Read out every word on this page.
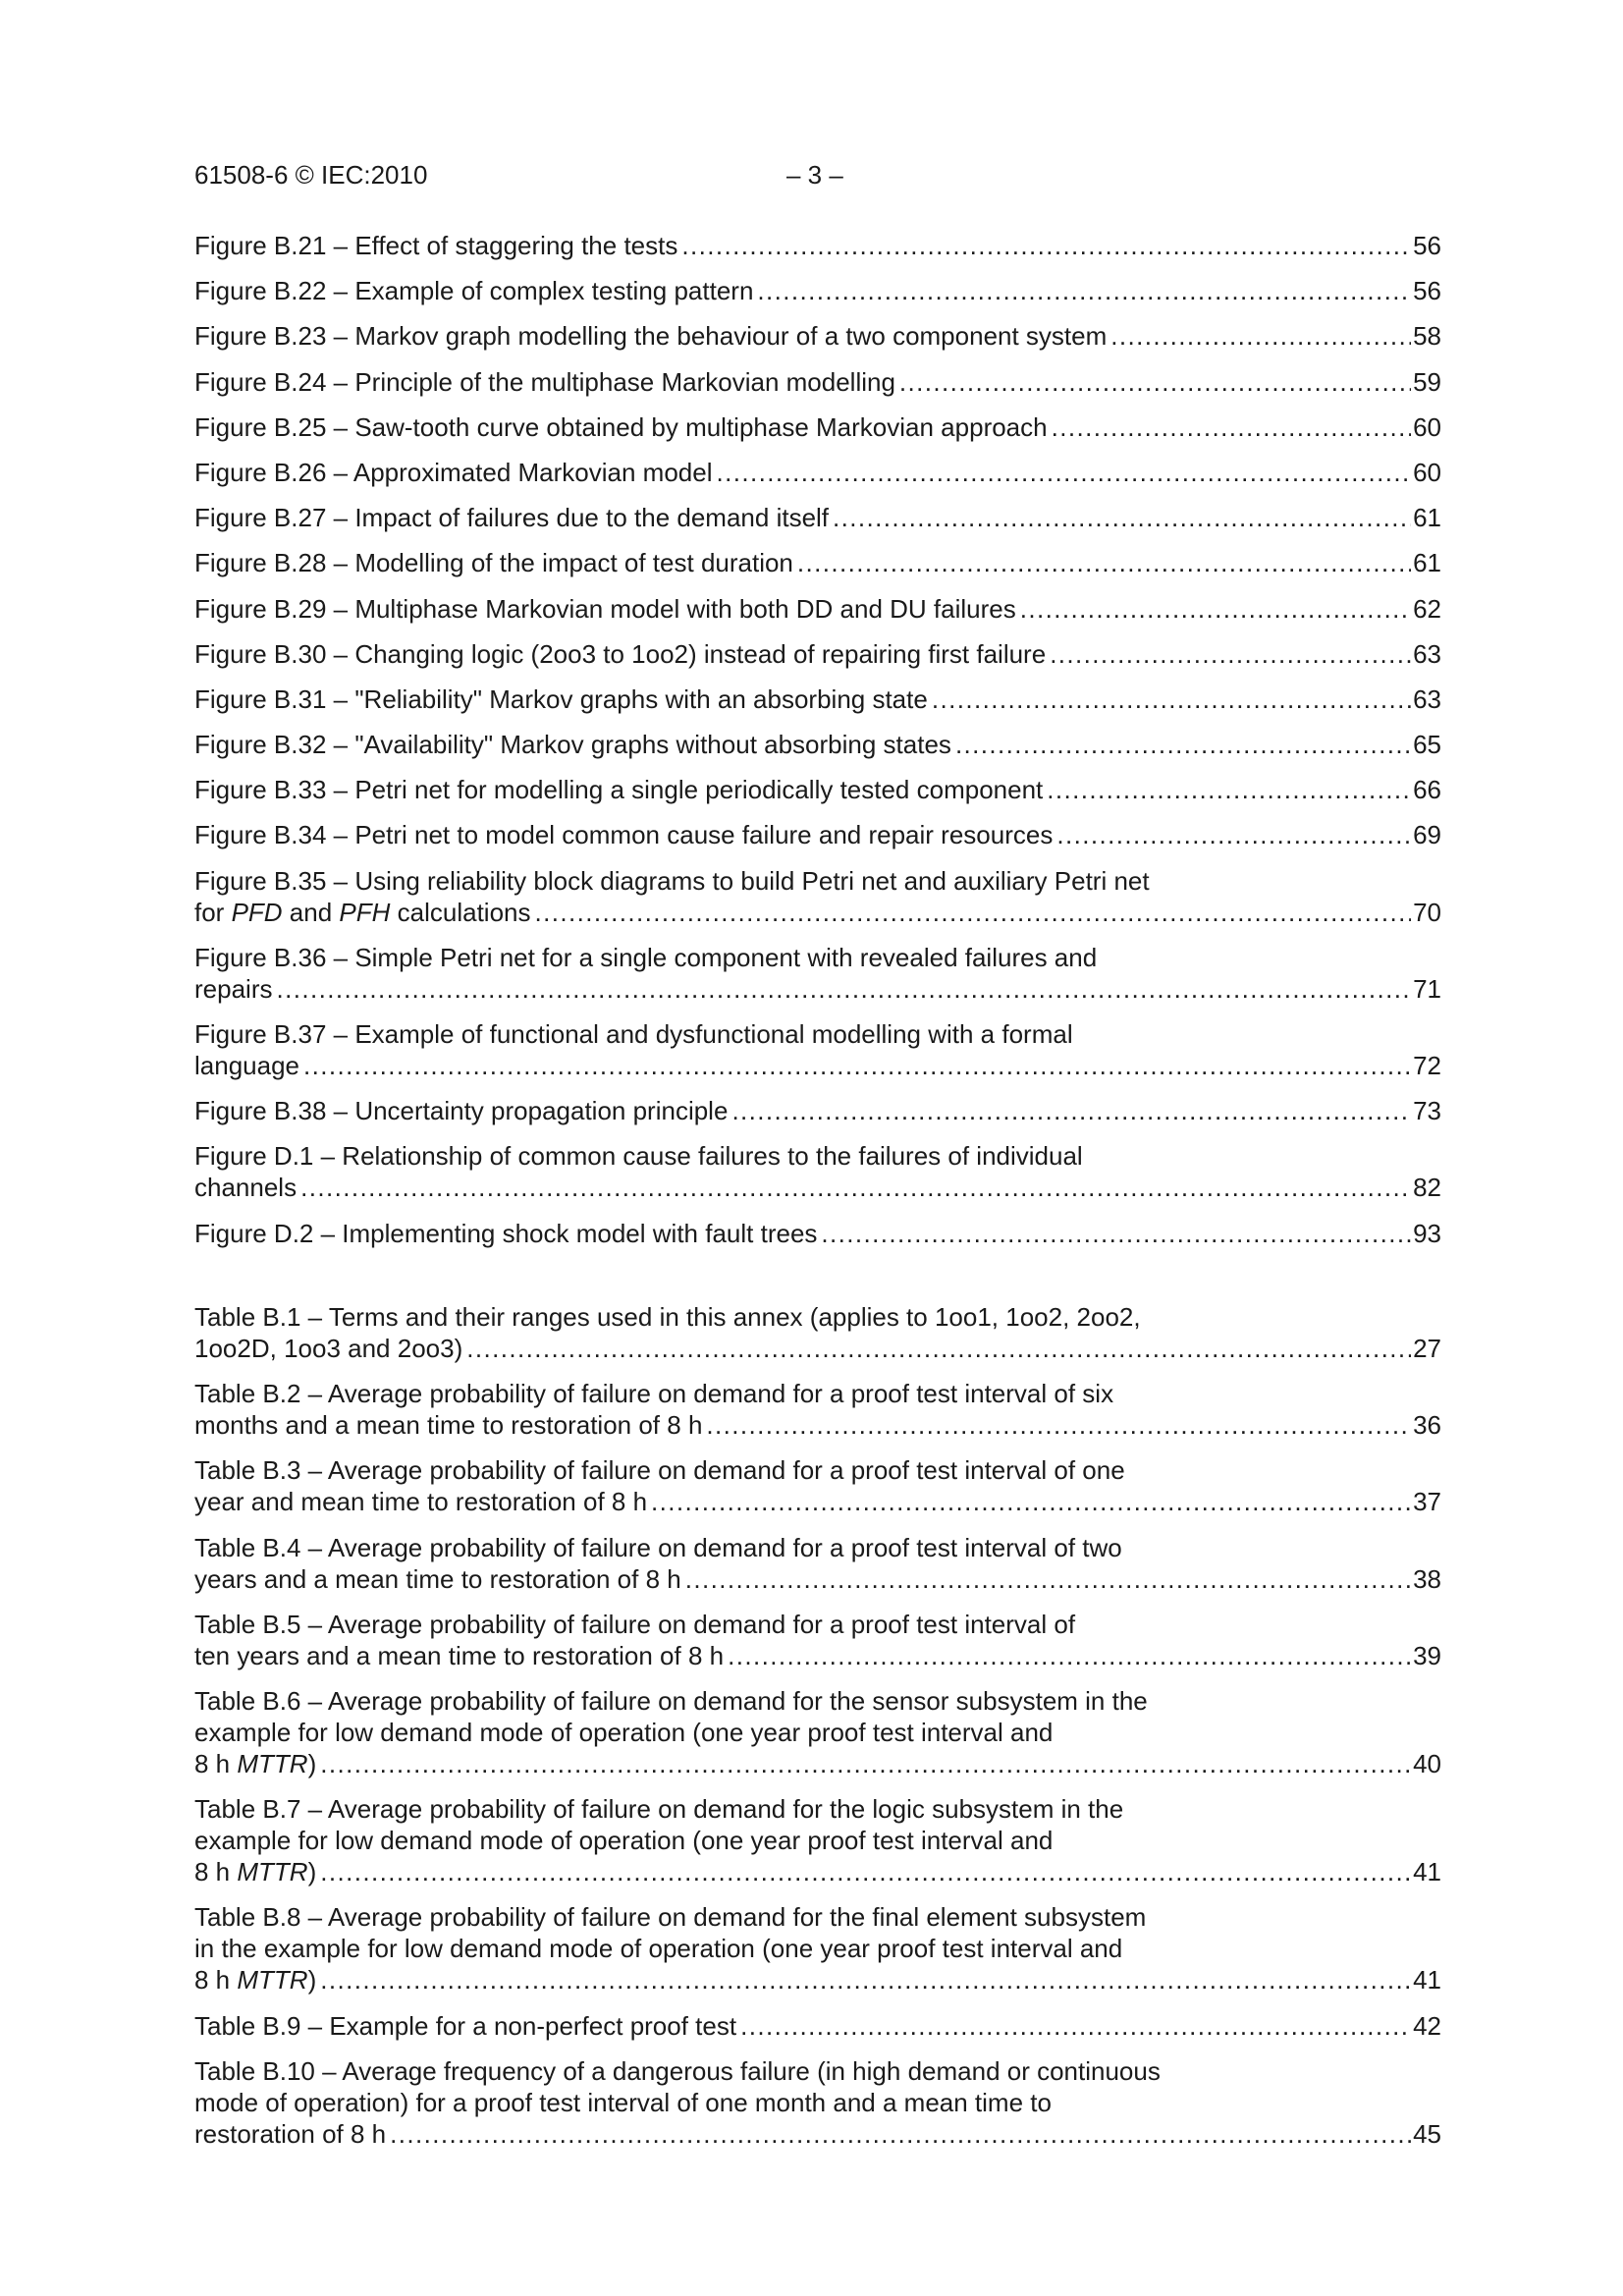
61508-6 © IEC:2010	– 3 –
Figure B.21 – Effect of staggering the tests .....	56
Figure B.22 – Example of complex testing pattern .....	56
Figure B.23 – Markov graph modelling the behaviour of a two component system .....	58
Figure B.24 – Principle of the multiphase Markovian modelling .....	59
Figure B.25 – Saw-tooth curve obtained by multiphase Markovian approach .....	60
Figure B.26 – Approximated Markovian model .....	60
Figure B.27 – Impact of failures due to the demand itself .....	61
Figure B.28 – Modelling of the impact of test duration .....	61
Figure B.29 – Multiphase Markovian model with both DD and DU failures .....	62
Figure B.30 – Changing logic (2oo3 to 1oo2) instead of repairing first failure .....	63
Figure B.31 – "Reliability" Markov graphs with an absorbing state .....	63
Figure B.32 – "Availability" Markov graphs without absorbing states .....	65
Figure B.33 – Petri net for modelling a single periodically tested component .....	66
Figure B.34 – Petri net to model common cause failure and repair resources .....	69
Figure B.35 – Using reliability block diagrams to build Petri net and auxiliary Petri net
for PFD and PFH calculations .....	70
Figure B.36 – Simple Petri net for a single component with revealed failures and
repairs .....	71
Figure B.37 – Example of functional and dysfunctional modelling with a formal
language .....	72
Figure B.38 – Uncertainty propagation principle .....	73
Figure D.1 – Relationship of common cause failures to the failures of individual
channels .....	82
Figure D.2 – Implementing shock model with fault trees .....	93
Table B.1 – Terms and their ranges used in this annex (applies to 1oo1, 1oo2, 2oo2,
1oo2D, 1oo3 and 2oo3) .....	27
Table B.2 – Average probability of failure on demand for a proof test interval of six
months and a mean time to restoration of 8 h .....	36
Table B.3 – Average probability of failure on demand for a proof test interval of one
year and mean time to restoration of 8 h .....	37
Table B.4 – Average probability of failure on demand for a proof test interval of two
years and a mean time to restoration of 8 h .....	38
Table B.5 – Average probability of failure on demand for a proof test interval of
ten years and a mean time to restoration of 8 h .....	39
Table B.6 – Average probability of failure on demand for the sensor subsystem in the
example for low demand mode of operation (one year proof test interval and
8 h MTTR) .....	40
Table B.7 – Average probability of failure on demand for the logic subsystem in the
example for low demand mode of operation (one year proof test interval and
8 h MTTR) .....	41
Table B.8 – Average probability of failure on demand for the final element subsystem
in the example for low demand mode of operation (one year proof test interval and
8 h MTTR) .....	41
Table B.9 – Example for a non-perfect proof test .....	42
Table B.10 – Average frequency of a dangerous failure (in high demand or continuous
mode of operation) for a proof test interval of one month and a mean time to
restoration of 8 h .....	45
